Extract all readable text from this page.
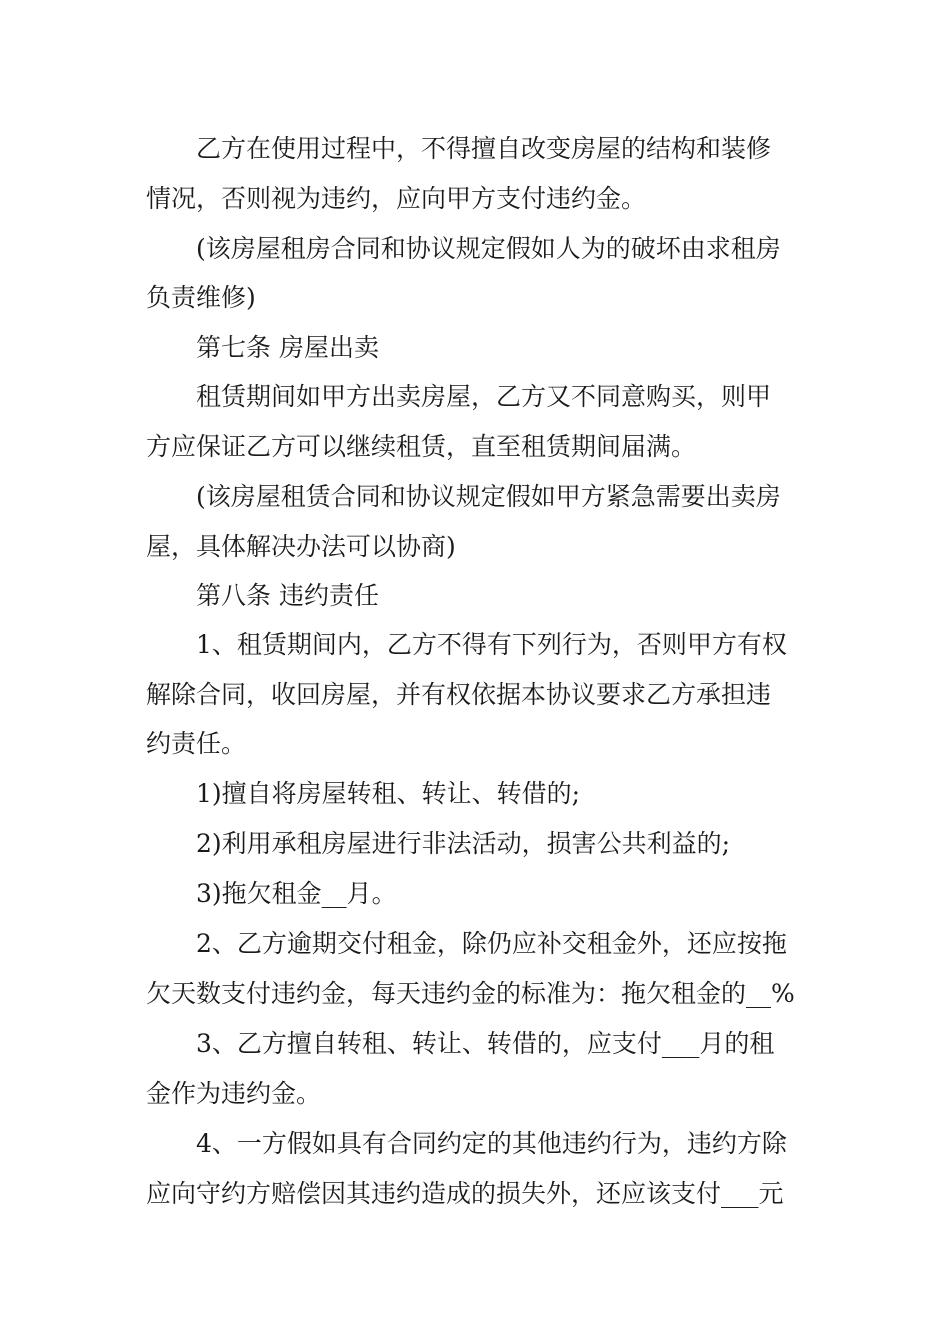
乙方在使用过程中，不得擅自改变房屋的结构和装修
情况，否则视为违约，应向甲方支付违约金。
(该房屋租房合同和协议规定假如人为的破坏由求租房
负责维修)
第七条 房屋出卖
租赁期间如甲方出卖房屋，乙方又不同意购买，则甲
方应保证乙方可以继续租赁，直至租赁期间届满。
(该房屋租赁合同和协议规定假如甲方紧急需要出卖房
屋，具体解决办法可以协商)
第八条 违约责任
1、租赁期间内，乙方不得有下列行为，否则甲方有权
解除合同，收回房屋，并有权依据本协议要求乙方承担违
约责任。
1)擅自将房屋转租、转让、转借的;
2)利用承租房屋进行非法活动，损害公共利益的;
3)拖欠租金__月。
2、乙方逾期交付租金，除仍应补交租金外，还应按拖
欠天数支付违约金，每天违约金的标准为：拖欠租金的__%
3、乙方擅自转租、转让、转借的，应支付___月的租
金作为违约金。
4、一方假如具有合同约定的其他违约行为，违约方除
应向守约方赔偿因其违约造成的损失外，还应该支付___元
